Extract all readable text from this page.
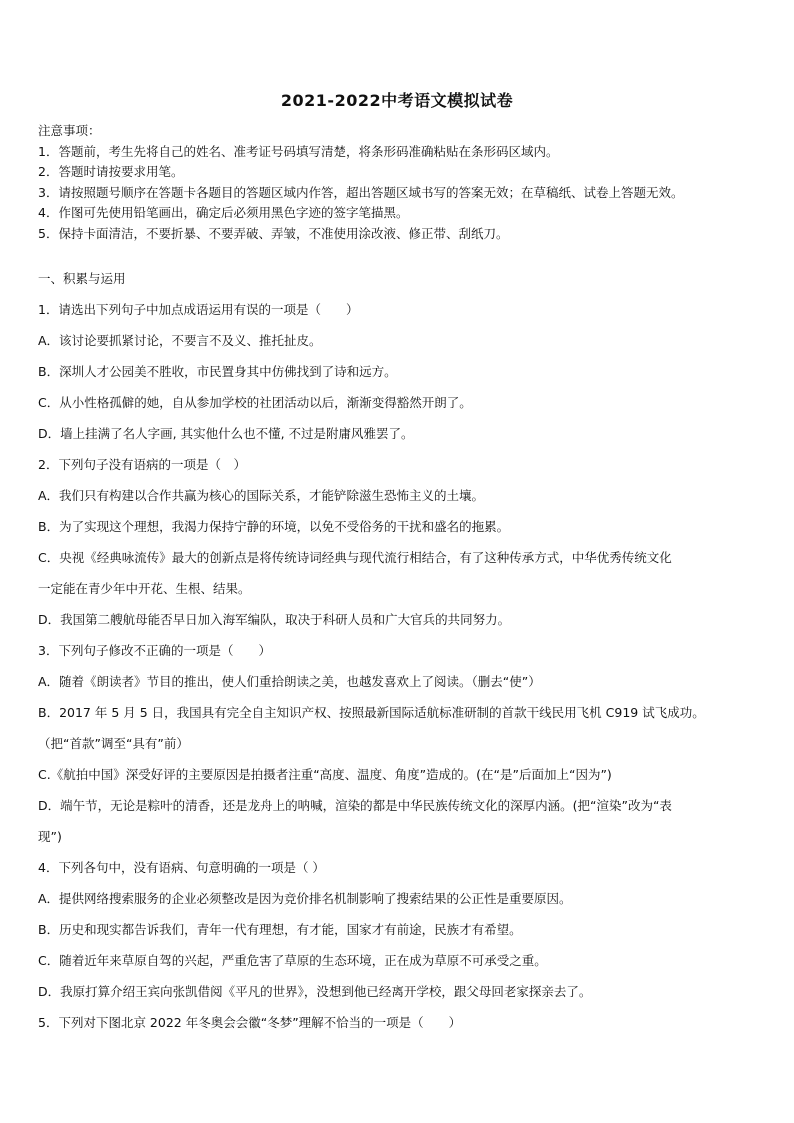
2021-2022中考语文模拟试卷
注意事项：
1．答题前，考生先将自己的姓名、准考证号码填写清楚，将条形码准确粘贴在条形码区域内。
2．答题时请按要求用笔。
3．请按照题号顺序在答题卡各题目的答题区域内作答，超出答题区域书写的答案无效；在草稿纸、试卷上答题无效。
4．作图可先使用铅笔画出，确定后必须用黑色字迹的签字笔描黑。
5．保持卡面清洁，不要折暴、不要弄破、弄皱，不准使用涂改液、修正带、刮纸刀。
一、积累与运用
1．请选出下列句子中加点成语运用有误的一项是（　　）
A．该讨论要抓紧讨论，不要言不及义、推托扯皮。
B．深圳人才公园美不胜收，市民置身其中仿佛找到了诗和远方。
C．从小性格孤僻的她，自从参加学校的社团活动以后，渐渐变得豁然开朗了。
D．墙上挂满了名人字画, 其实他什么也不懂, 不过是附庸风雅罢了。
2．下列句子没有语病的一项是（　）
A．我们只有构建以合作共赢为核心的国际关系，才能铲除滋生恐怖主义的土壤。
B．为了实现这个理想，我渴力保持宁静的环境，以免不受俗务的干扰和盛名的拖累。
C．央视《经典咏流传》最大的创新点是将传统诗词经典与现代流行相结合，有了这种传承方式，中华优秀传统文化
一定能在青少年中开花、生根、结果。
D．我国第二艘航母能否早日加入海军编队，取决于科研人员和广大官兵的共同努力。
3．下列句子修改不正确的一项是（　　）
A．随着《朗读者》节目的推出，使人们重拾朗读之美，也越发喜欢上了阅读。（删去“使”）
B．2017 年 5 月 5 日，我国具有完全自主知识产权、按照最新国际适航标准研制的首款干线民用飞机 C919 试飞成功。
（把“首款”调至“具有”前）
C.《航拍中国》深受好评的主要原因是拍摄者注重“高度、温度、角度”造成的。(在“是”后面加上“因为”)
D．端午节，无论是粽叶的清香，还是龙舟上的呐喊，渲染的都是中华民族传统文化的深厚内涵。(把“渲染”改为“表
现”)
4．下列各句中，没有语病、句意明确的一项是（ ）
A．提供网络搜索服务的企业必须整改是因为竞价排名机制影响了搜索结果的公正性是重要原因。
B．历史和现实都告诉我们，青年一代有理想，有才能，国家才有前途，民族才有希望。
C．随着近年来草原自驾的兴起，严重危害了草原的生态环境，正在成为草原不可承受之重。
D．我原打算介绍王宾向张凯借阅《平凡的世界》，没想到他已经离开学校，跟父母回老家探亲去了。
5．下列对下图北京 2022 年冬奥会会徽“冬梦”理解不恰当的一项是（　　）
